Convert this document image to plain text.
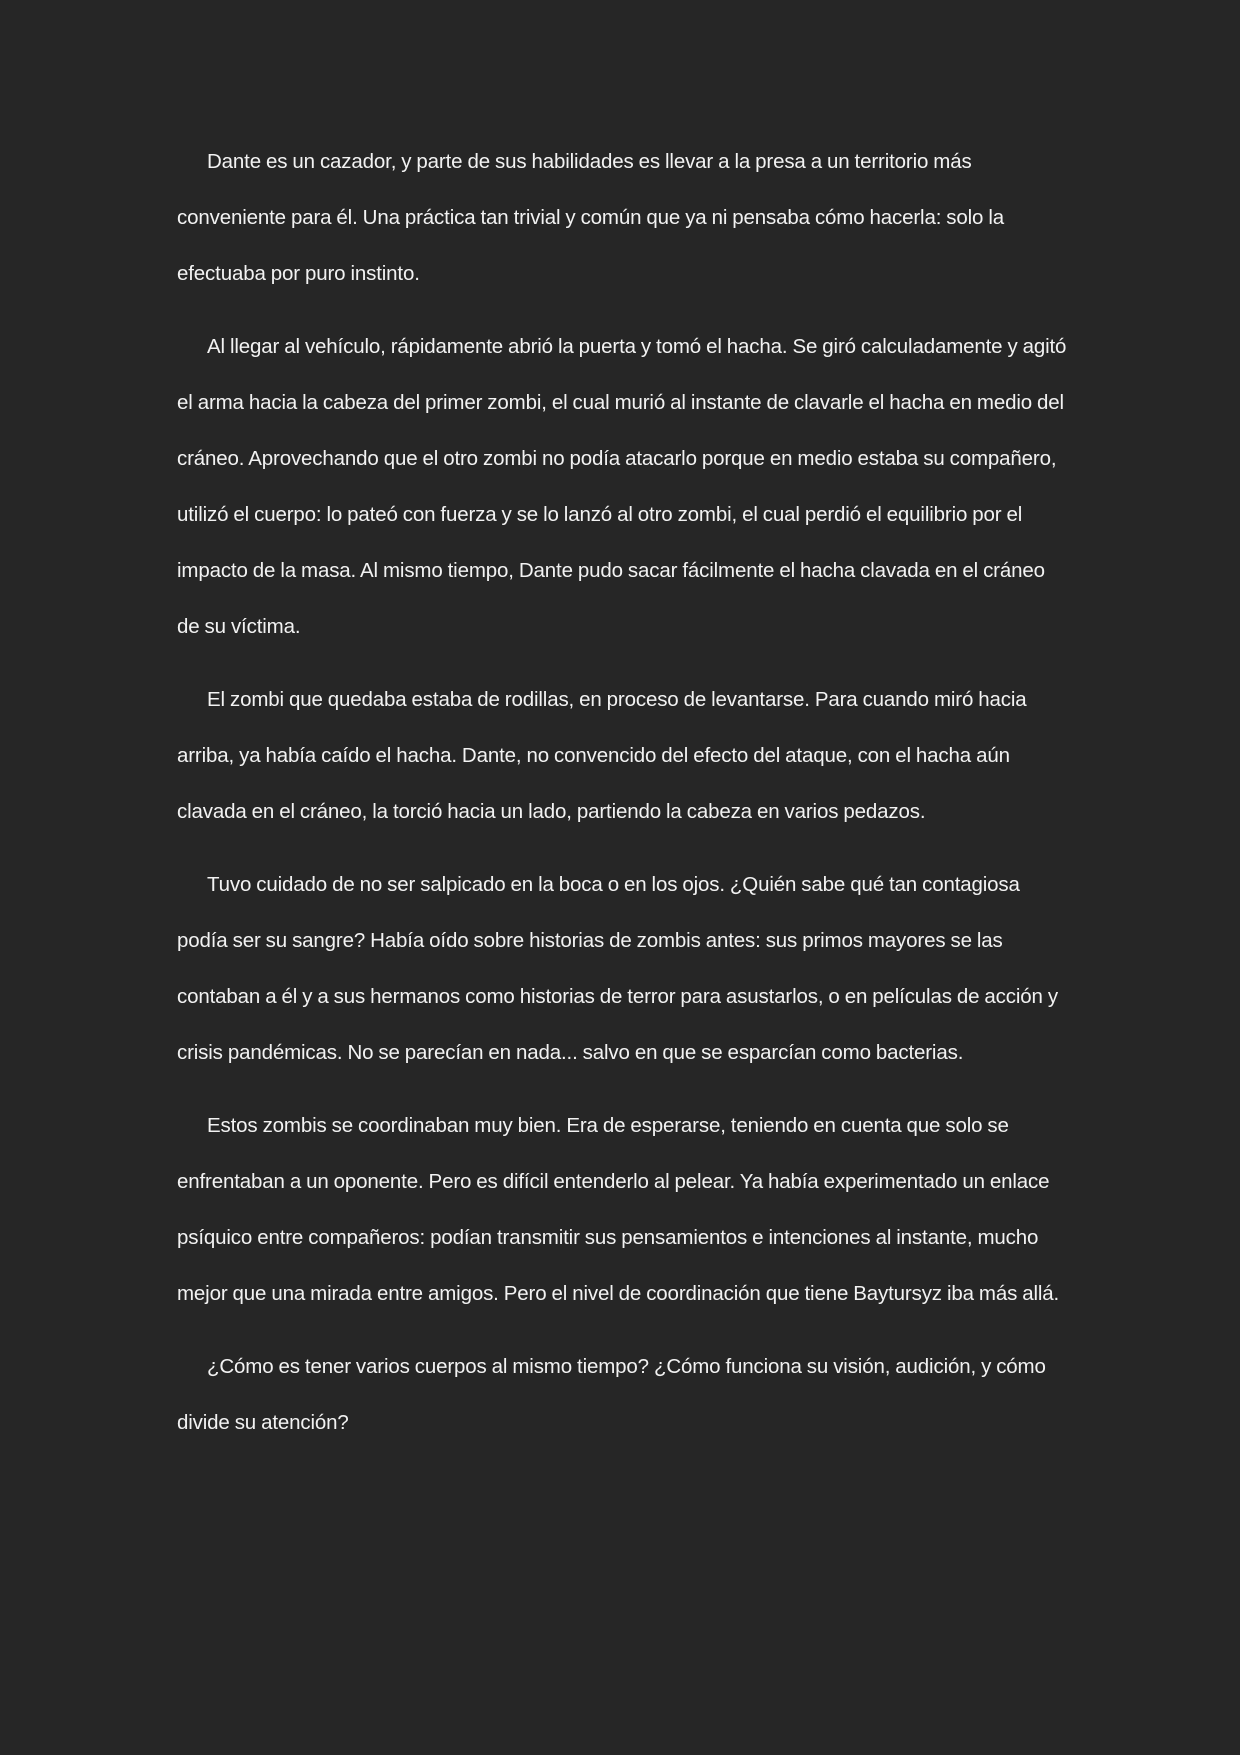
Dante es un cazador, y parte de sus habilidades es llevar a la presa a un territorio más conveniente para él. Una práctica tan trivial y común que ya ni pensaba cómo hacerla: solo la efectuaba por puro instinto.

Al llegar al vehículo, rápidamente abrió la puerta y tomó el hacha. Se giró calculadamente y agitó el arma hacia la cabeza del primer zombi, el cual murió al instante de clavarle el hacha en medio del cráneo. Aprovechando que el otro zombi no podía atacarlo porque en medio estaba su compañero, utilizó el cuerpo: lo pateó con fuerza y se lo lanzó al otro zombi, el cual perdió el equilibrio por el impacto de la masa. Al mismo tiempo, Dante pudo sacar fácilmente el hacha clavada en el cráneo de su víctima.

El zombi que quedaba estaba de rodillas, en proceso de levantarse. Para cuando miró hacia arriba, ya había caído el hacha. Dante, no convencido del efecto del ataque, con el hacha aún clavada en el cráneo, la torció hacia un lado, partiendo la cabeza en varios pedazos.

Tuvo cuidado de no ser salpicado en la boca o en los ojos. ¿Quién sabe qué tan contagiosa podía ser su sangre? Había oído sobre historias de zombis antes: sus primos mayores se las contaban a él y a sus hermanos como historias de terror para asustarlos, o en películas de acción y crisis pandémicas. No se parecían en nada... salvo en que se esparcían como bacterias.

Estos zombis se coordinaban muy bien. Era de esperarse, teniendo en cuenta que solo se enfrentaban a un oponente. Pero es difícil entenderlo al pelear. Ya había experimentado un enlace psíquico entre compañeros: podían transmitir sus pensamientos e intenciones al instante, mucho mejor que una mirada entre amigos. Pero el nivel de coordinación que tiene Baytursyz iba más allá.

¿Cómo es tener varios cuerpos al mismo tiempo? ¿Cómo funciona su visión, audición, y cómo divide su atención?
